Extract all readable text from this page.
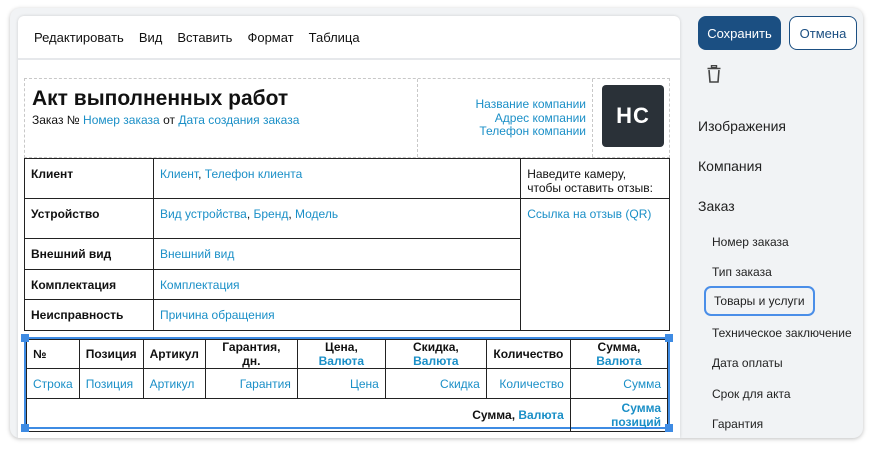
Редактировать Вид Вставить Формат Таблица
Акт выполненных работ
Заказ № Номер заказа от Дата создания заказа
Название компании
Адрес компании
Телефон компании
HC
Клиент	Клиент, Телефон клиента	Наведите камеру, чтобы оставить отзыв:
Устройство	Вид устройства, Бренд, Модель	Ссылка на отзыв (QR)
Внешний вид	Внешний вид	
Комплектация	Комплектация	
Неисправность	Причина обращения	
№	Позиция	Артикул	Гарантия, дн.	Цена, Валюта	Скидка, Валюта	Количество	Сумма, Валюта
Строка	Позиция	Артикул	Гарантия	Цена	Скидка	Количество	Сумма
Сумма, Валюта							Сумма позиций
Сохранить	Отмена
Изображения
Компания
Заказ
Номер заказа
Тип заказа
Товары и услуги
Техническое заключение
Дата оплаты
Срок для акта
Гарантия
